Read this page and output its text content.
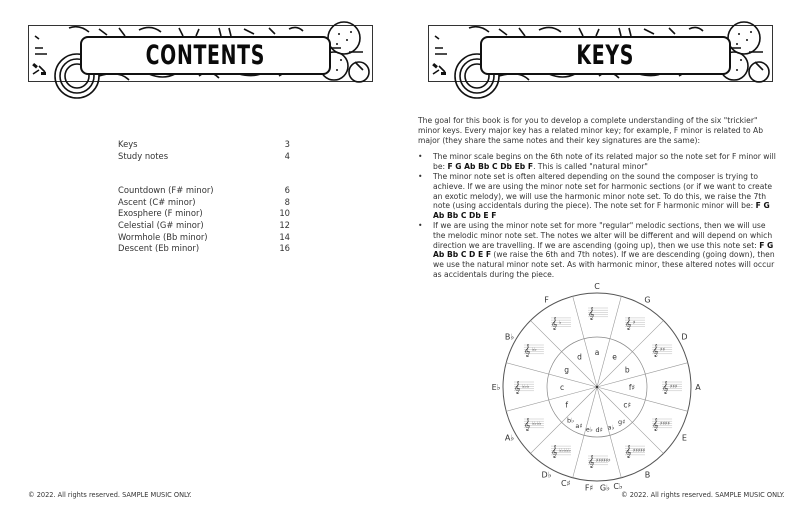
CONTENTS
Keys	3
Study notes	4
Countdown (F# minor)	6
Ascent (C# minor)	8
Exosphere (F minor)	10
Celestial (G# minor)	12
Wormhole (Bb minor)	14
Descent (Eb minor)	16
© 2022. All rights reserved. SAMPLE MUSIC ONLY.
KEYS

The goal for this book is for you to develop a complete understanding of the six "trickier" minor keys. Every major key has a related minor key; for example, F minor is related to Ab major (they share the same notes and their key signatures are the same):

• The minor scale begins on the 6th note of its related major so the note set for F minor will be: F G Ab Bb C Db Eb F. This is called "natural minor"
• The minor note set is often altered depending on the sound the composer is trying to achieve. If we are using the minor note set for harmonic sections (or if we want to create an exotic melody), we will use the harmonic minor note set. To do this, we raise the 7th note (using accidentals during the piece). The note set for F harmonic minor will be: F G Ab Bb C Db E F
• If we are using the minor note set for more "regular" melodic sections, then we will use the melodic minor note set. The notes we alter will be different and will depend on which direction we are travelling. If we are ascending (going up), then we use this note set: F G Ab Bb C D E F (we raise the 6th and 7th notes). If we are descending (going down), then we use the natural minor note set. As with harmonic minor, these altered notes will occur as accidentals during the piece.
C
G
D
A
E
B
C♭
F♯ G♭
C♯
D♭
A♭
E♭
B♭
F
a
e
b
f♯
c♯
g♯
a♭
d♯
e♭
a♯
b♭
f
c
g
d
𝄞
𝄞 ♯
𝄞 ♯♯
𝄞 ♯♯♯
𝄞 ♯♯♯♯
𝄞 ♯♯♯♯♯
𝄞 ♯♯♯♯♯♯
𝄞 ♭♭♭♭♭
𝄞 ♭♭♭♭
𝄞 ♭♭♭
𝄞 ♭♭
𝄞 ♭
© 2022. All rights reserved. SAMPLE MUSIC ONLY.
